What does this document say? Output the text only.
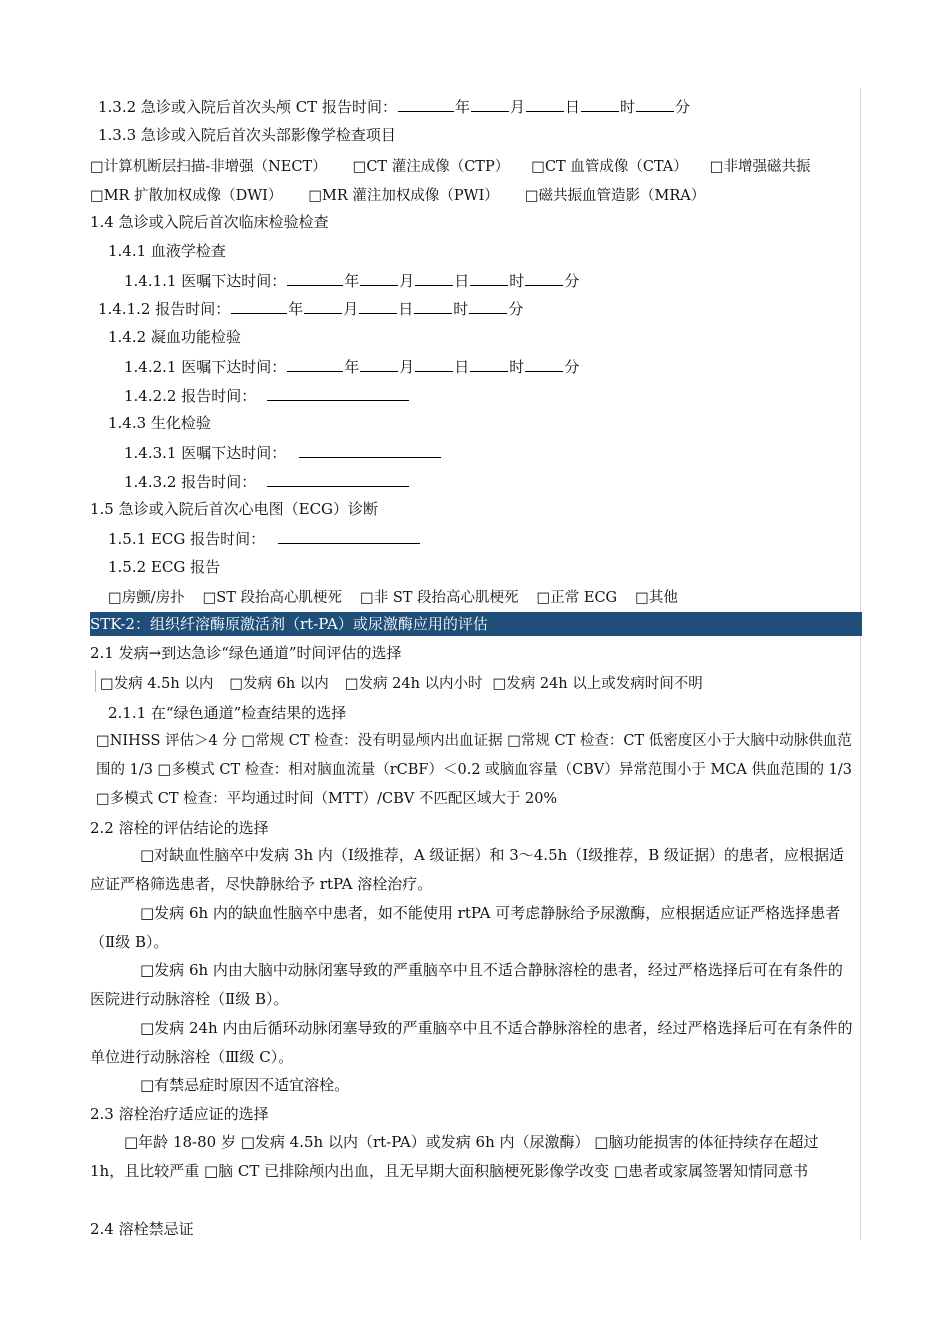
1.3.2 急诊或入院后首次头颅 CT 报告时间：	年	月	日	时	分
1.3.3 急诊或入院后首次头部影像学检查项目
□计算机断层扫描-非增强（NECT） □CT 灌注成像（CTP） □CT 血管成像（CTA） □非增强磁共振
□MR 扩散加权成像（DWI） □MR 灌注加权成像（PWI） □磁共振血管造影（MRA）
1.4 急诊或入院后首次临床检验检查
1.4.1 血液学检查
1.4.1.1 医嘱下达时间：	年	月	日	时	分
1.4.1.2 报告时间：	年	月	日	时	分
1.4.2 凝血功能检验
1.4.2.1 医嘱下达时间：	年	月	日	时	分
1.4.2.2 报告时间：
1.4.3 生化检验
1.4.3.1 医嘱下达时间：
1.4.3.2 报告时间：
1.5 急诊或入院后首次心电图（ECG）诊断
1.5.1 ECG 报告时间：
1.5.2 ECG 报告
□房颤/房扑 □ST 段抬高心肌梗死 □非 ST 段抬高心肌梗死 □正常 ECG □其他
STK-2：组织纤溶酶原激活剂（rt-PA）或尿激酶应用的评估
2.1 发病→到达急诊“绿色通道”时间评估的选择
□发病 4.5h 以内 □发病 6h 以内 □发病 24h 以内小时 □发病 24h 以上或发病时间不明
2.1.1 在“绿色通道”检查结果的选择
□NIHSS 评估＞4 分 □常规 CT 检查：没有明显颅内出血证据 □常规 CT 检查：CT 低密度区小于大脑中动脉供血范围的 1/3 □多模式 CT 检查：相对脑血流量（rCBF）＜0.2 或脑血容量（CBV）异常范围小于 MCA 供血范围的 1/3 □多模式 CT 检查：平均通过时间（MTT）/CBV 不匹配区域大于 20%
2.2 溶栓的评估结论的选择
□对缺血性脑卒中发病 3h 内（Ⅰ级推荐，A 级证据）和 3～4.5h（Ⅰ级推荐，B 级证据）的患者，应根据适应证严格筛选患者，尽快静脉给予 rtPA 溶栓治疗。
□发病 6h 内的缺血性脑卒中患者，如不能使用 rtPA 可考虑静脉给予尿激酶，应根据适应证严格选择患者（Ⅱ级 B）。
□发病 6h 内由大脑中动脉闭塞导致的严重脑卒中且不适合静脉溶栓的患者，经过严格选择后可在有条件的医院进行动脉溶栓（Ⅱ级 B）。
□发病 24h 内由后循环动脉闭塞导致的严重脑卒中且不适合静脉溶栓的患者，经过严格选择后可在有条件的单位进行动脉溶栓（Ⅲ级 C）。
□有禁忌症时原因不适宜溶栓。
2.3 溶栓治疗适应证的选择
□年龄 18-80 岁 □发病 4.5h 以内（rt-PA）或发病 6h 内（尿激酶） □脑功能损害的体征持续存在超过 1h，且比较严重 □脑 CT 已排除颅内出血，且无早期大面积脑梗死影像学改变 □患者或家属签署知情同意书
2.4 溶栓禁忌证
